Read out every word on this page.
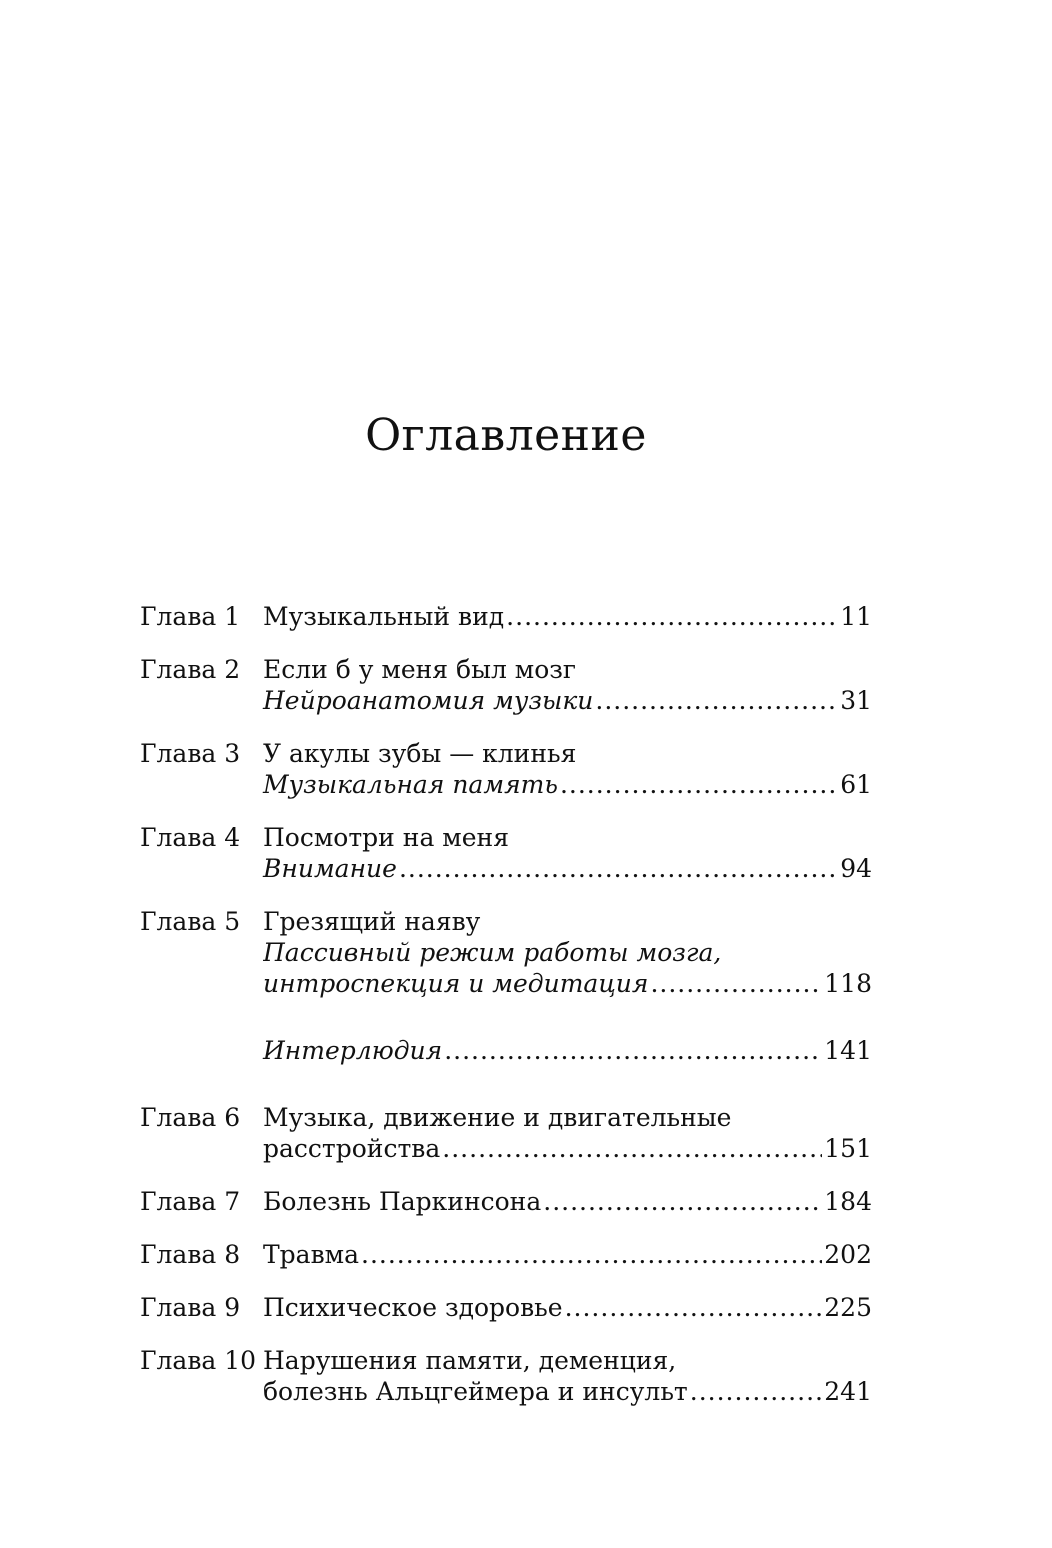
Оглавление
Глава 1 Музыкальный вид .....	11
Глава 2 Если б у меня был мозг
Нейроанатомия музыки .....	31
Глава 3 У акулы зубы — клинья
Музыкальная память .....	61
Глава 4 Посмотри на меня
Внимание .....	94
Глава 5 Грезящий наяву
Пассивный режим работы мозга,
интроспекция и медитация .....	118
Интерлюдия .....	141
Глава 6 Музыка, движение и двигательные
расстройства .....	151
Глава 7 Болезнь Паркинсона .....	184
Глава 8 Травма .....	202
Глава 9 Психическое здоровье .....	225
Глава 10 Нарушения памяти, деменция,
болезнь Альцгеймера и инсульт .....	241
